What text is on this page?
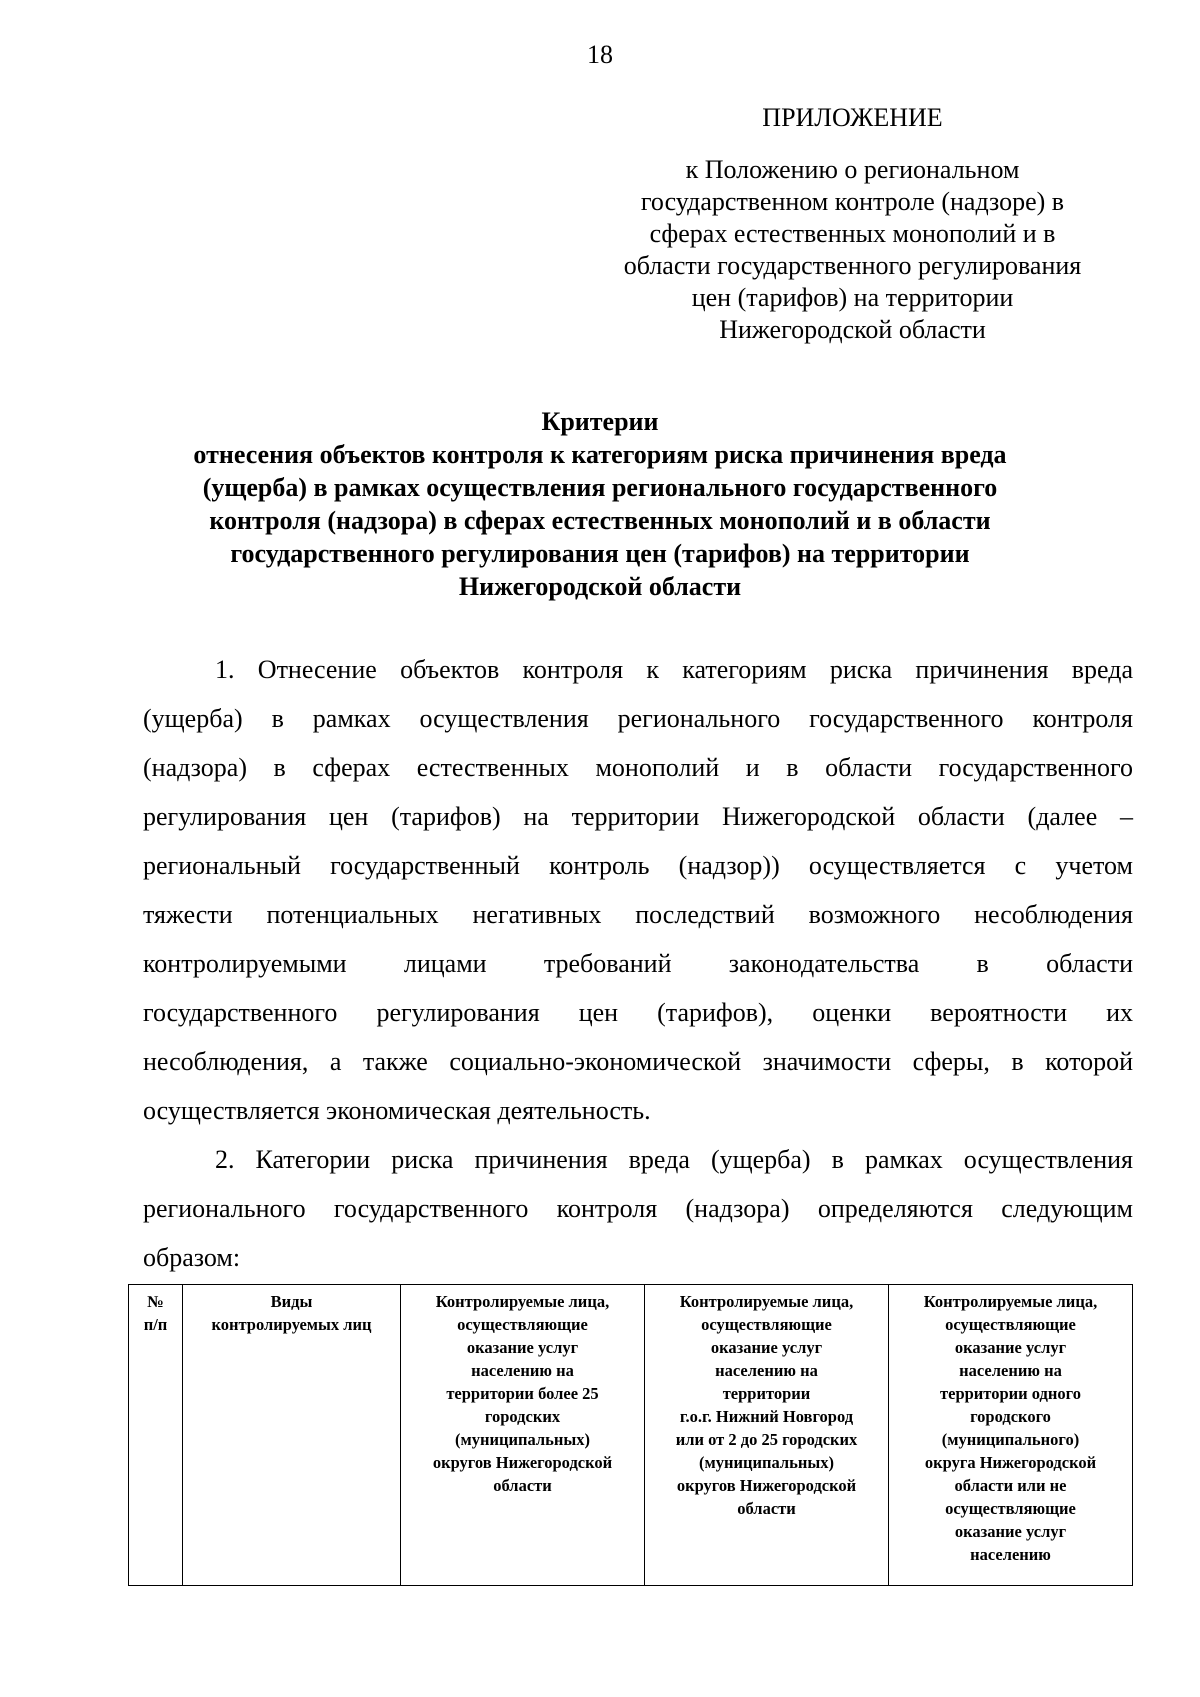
18
ПРИЛОЖЕНИЕ
к Положению о региональном
государственном контроле (надзоре) в
сферах естественных монополий и в
области государственного регулирования
цен (тарифов) на территории
Нижегородской области
Критерии
отнесения объектов контроля к категориям риска причинения вреда
(ущерба) в рамках осуществления регионального государственного
контроля (надзора) в сферах естественных монополий и в области
государственного регулирования цен (тарифов) на территории
Нижегородской области
1. Отнесение объектов контроля к категориям риска причинения вреда
(ущерба) в рамках осуществления регионального государственного контроля
(надзора) в сферах естественных монополий и в области государственного
регулирования цен (тарифов) на территории Нижегородской области (далее –
региональный государственный контроль (надзор)) осуществляется с учетом
тяжести потенциальных негативных последствий возможного несоблюдения
контролируемыми лицами требований законодательства в области
государственного регулирования цен (тарифов), оценки вероятности их
несоблюдения, а также социально-экономической значимости сферы, в которой
осуществляется экономическая деятельность.
2. Категории риска причинения вреда (ущерба) в рамках осуществления
регионального государственного контроля (надзора) определяются следующим
образом:
№
п/п

Виды
контролируемых лиц

Контролируемые лица,
осуществляющие
оказание услуг
населению на
территории более 25
городских
(муниципальных)
округов Нижегородской
области

Контролируемые лица,
осуществляющие
оказание услуг
населению на
территории
г.о.г. Нижний Новгород
или от 2 до 25 городских
(муниципальных)
округов Нижегородской
области

Контролируемые лица,
осуществляющие
оказание услуг
населению на
территории одного
городского
(муниципального)
округа Нижегородской
области или не
осуществляющие
оказание услуг
населению
